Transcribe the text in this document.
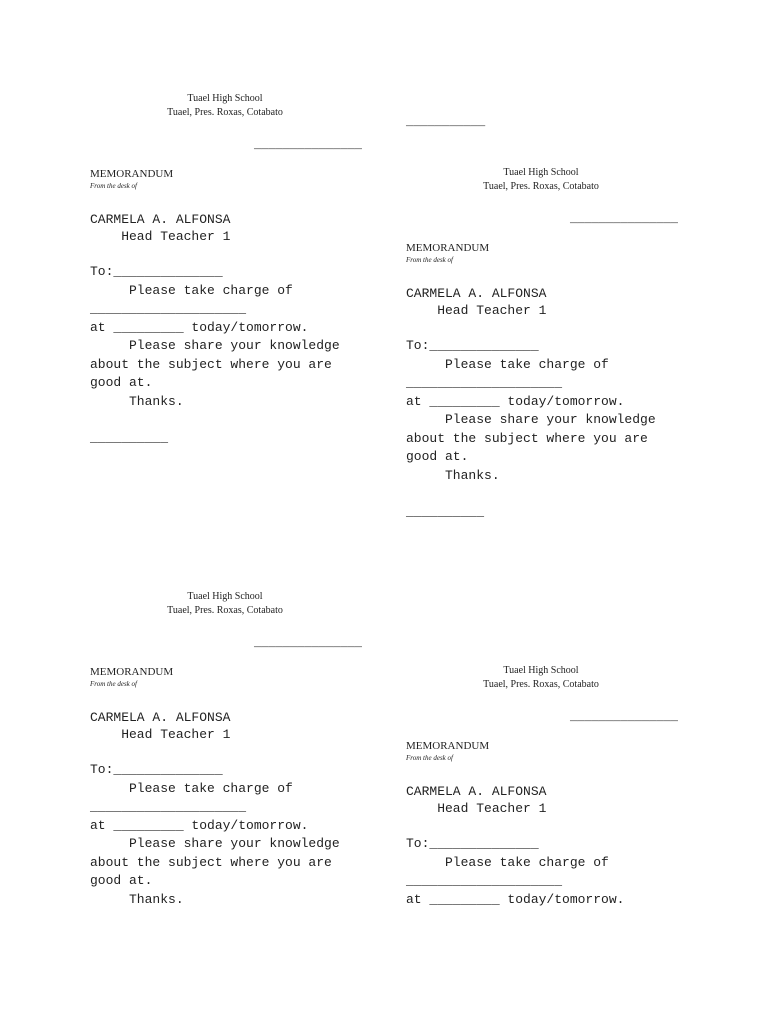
___________
Tuael High School
Tuael, Pres. Roxas, Cotabato
_______________
MEMORANDUM
From the desk of
CARMELA A. ALFONSA
Head Teacher 1
To:______________
Please take charge of
____________________
at _________ today/tomorrow.
Please share your knowledge
about the subject where you are
good at.
Thanks.
__________
Tuael High School
Tuael, Pres. Roxas, Cotabato
_______________
MEMORANDUM
From the desk of
CARMELA A. ALFONSA
Head Teacher 1
To:______________
Please take charge of
____________________
at _________ today/tomorrow.
Please share your knowledge
about the subject where you are
good at.
Thanks.
__________
Tuael High School
Tuael, Pres. Roxas, Cotabato
_______________
MEMORANDUM
From the desk of
CARMELA A. ALFONSA
Head Teacher 1
To:______________
Please take charge of
____________________
at _________ today/tomorrow.
Please share your knowledge
about the subject where you are
good at.
Thanks.
Tuael High School
Tuael, Pres. Roxas, Cotabato
_______________
MEMORANDUM
From the desk of
CARMELA A. ALFONSA
Head Teacher 1
To:______________
Please take charge of
____________________
at _________ today/tomorrow.
